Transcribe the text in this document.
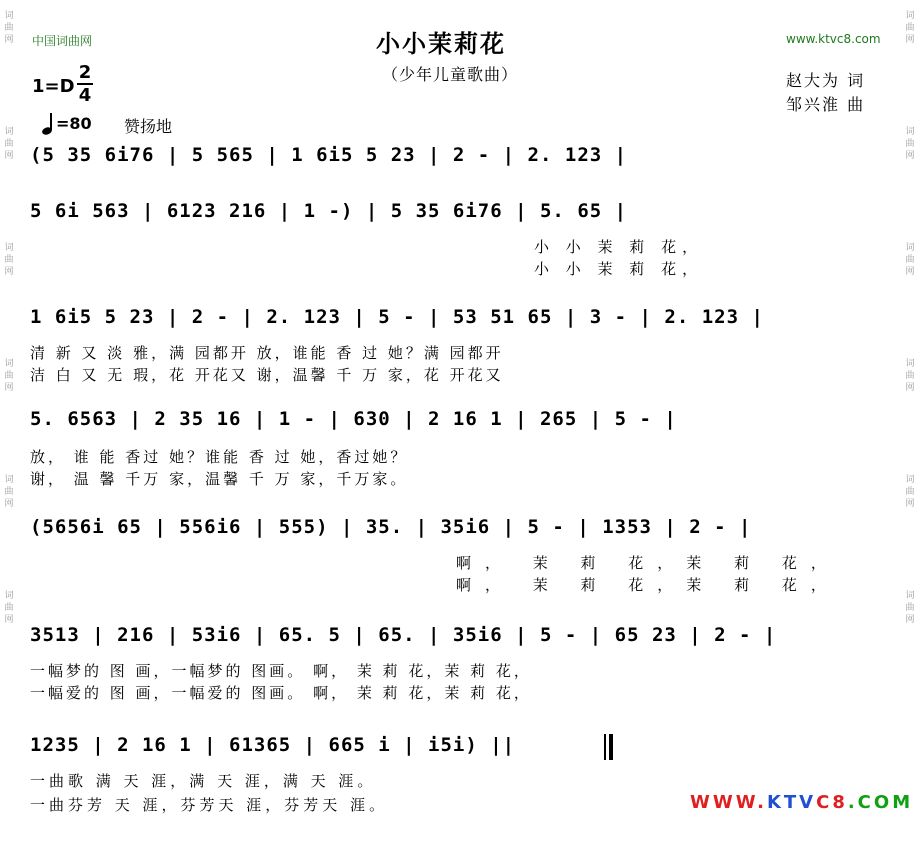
词曲网
词曲网
词曲网
词曲网
词曲网
词曲网
词曲网
词曲网
词曲网
词曲网
词曲网
词曲网
中国词曲网	www.ktvc8.com
小小茉莉花
（少年儿童歌曲）	赵大为 词
邹兴淮 曲
1=D
2
4
=80 赞扬地
(5 35 6i76 | 5 565 | 1 6i5 5 23 | 2 - | 2. 123 |
5 6i 563 | 6123 216 | 1 -) | 5 35 6i76 | 5. 65 |
小 小 茉 莉 花，
小 小 茉 莉 花，
1 6i5 5 23 | 2 - | 2. 123 | 5 - | 53 51 65 | 3 - | 2. 123 |
清 新 又 淡 雅，满 园都开 放，谁能 香 过 她？满 园都开
洁 白 又 无 瑕，花 开花又 谢，温馨 千 万 家，花 开花又
5. 6563 | 2 35 16 | 1 - | 630 | 2 16 1 | 265 | 5 - |
放， 谁 能 香过 她？谁能 香 过 她，香过她？
谢， 温 馨 千万 家，温馨 千 万 家，千万家。
(5656i 65 | 556i6 | 555) | 35. | 35i6 | 5 - | 1353 | 2 - |
啊， 茉 莉 花，茉 莉 花，
啊， 茉 莉 花，茉 莉 花，
3513 | 216 | 53i6 | 65. 5 | 65. | 35i6 | 5 - | 65 23 | 2 - |
一幅梦的 图 画，一幅梦的 图画。 啊， 茉 莉 花，茉 莉 花，
一幅爱的 图 画，一幅爱的 图画。 啊， 茉 莉 花，茉 莉 花，
1235 | 2 16 1 | 61365 | 665 i | i5i) ||
一曲歌 满 天 涯，满 天 涯，满 天 涯。
一曲芬芳 天 涯，芬芳天 涯，芬芳天 涯。	WWW.KTVC8.COM
